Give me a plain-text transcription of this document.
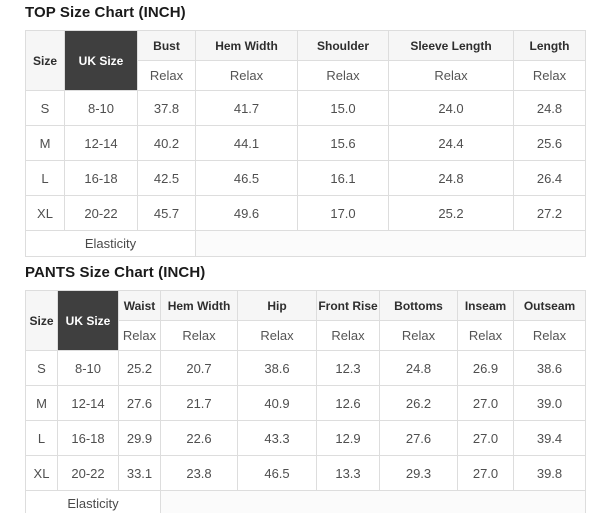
TOP Size Chart (INCH)
Size	UK Size	Bust	Hem Width	Shoulder	Sleeve Length	Length
		Relax	Relax	Relax	Relax	Relax
S	8-10	37.8	41.7	15.0	24.0	24.8
M	12-14	40.2	44.1	15.6	24.4	25.6
L	16-18	42.5	46.5	16.1	24.8	26.4
XL	20-22	45.7	49.6	17.0	25.2	27.2
Elasticity						
PANTS Size Chart (INCH)
Size	UK Size	Waist	Hem Width	Hip	Front Rise	Bottoms	Inseam	Outseam
		Relax	Relax	Relax	Relax	Relax	Relax	Relax
S	8-10	25.2	20.7	38.6	12.3	24.8	26.9	38.6
M	12-14	27.6	21.7	40.9	12.6	26.2	27.0	39.0
L	16-18	29.9	22.6	43.3	12.9	27.6	27.0	39.4
XL	20-22	33.1	23.8	46.5	13.3	29.3	27.0	39.8
Elasticity								
